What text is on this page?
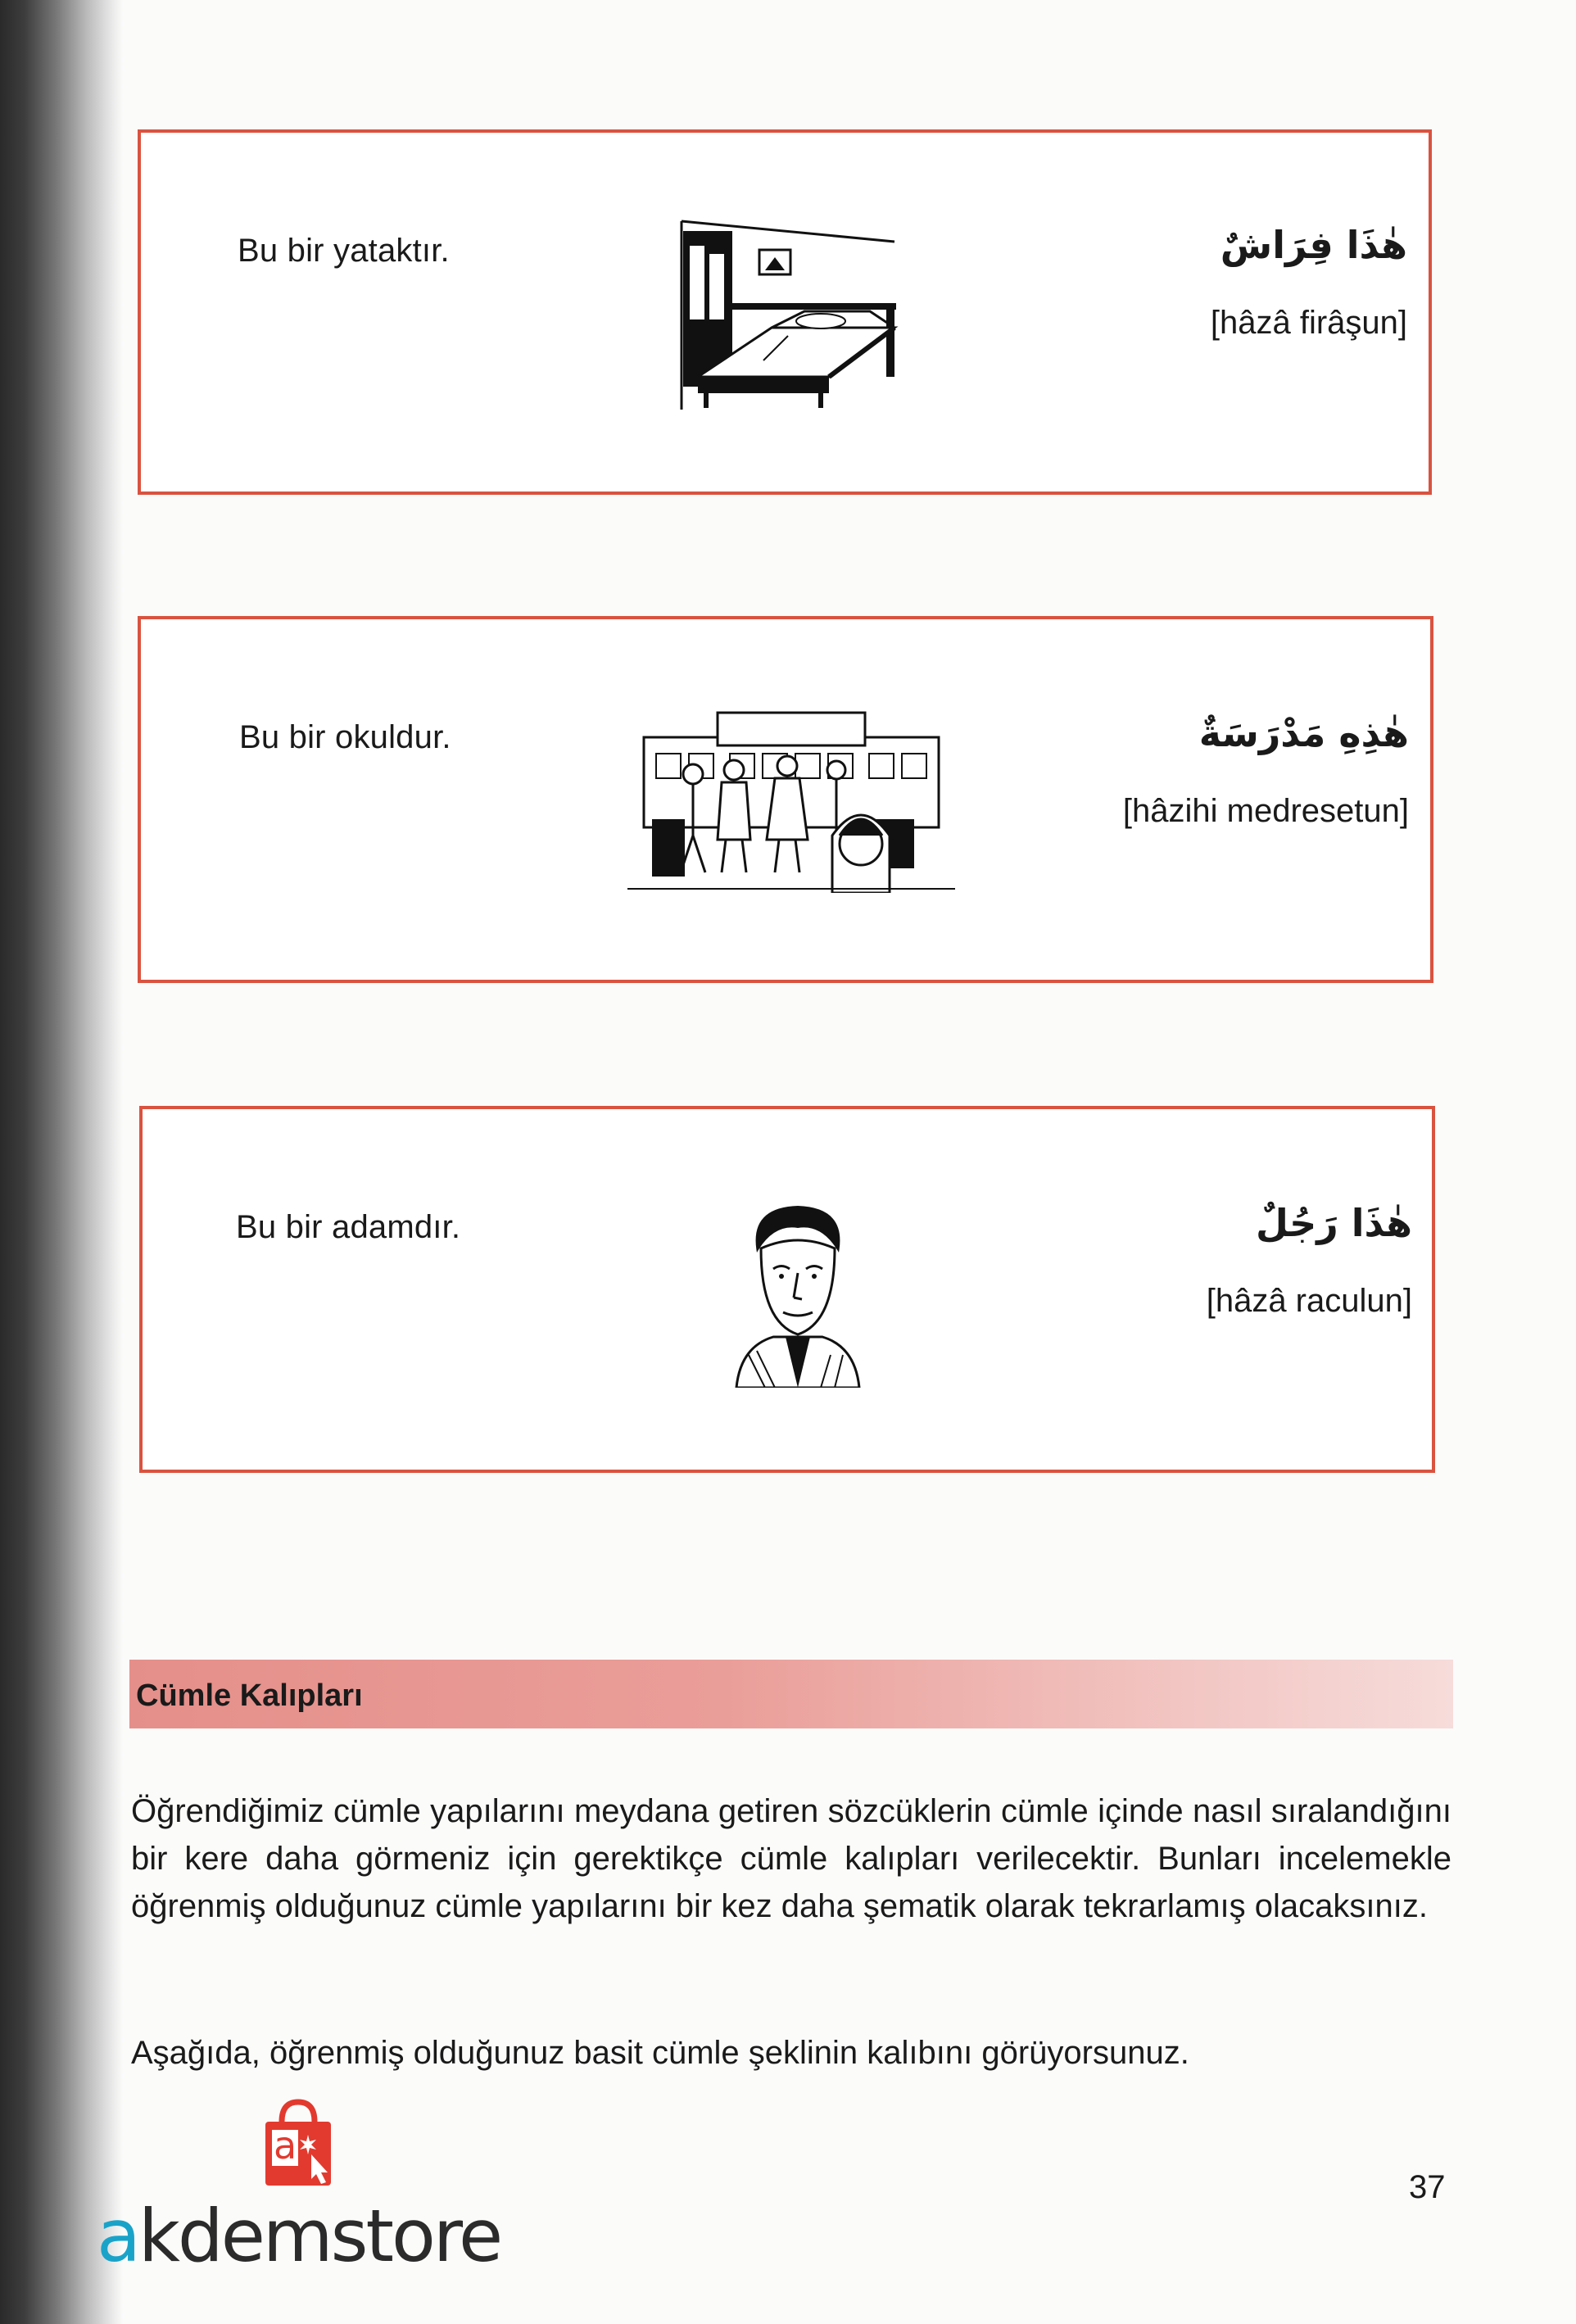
Bu bir yataktır.	هٰذَا فِرَاشٌ
[hâzâ firâşun]
Bu bir okuldur.	هٰذِهِ مَدْرَسَةٌ
[hâzihi medresetun]
Bu bir adamdır.	هٰذَا رَجُلٌ
[hâzâ raculun]
Cümle Kalıpları
Öğrendiğimiz cümle yapılarını meydana getiren sözcüklerin cümle içinde nasıl sıralandığını bir kere daha görmeniz için gerektikçe cümle kalıpları verilecektir. Bunları incelemekle öğrenmiş olduğunuz cümle yapılarını bir kez daha şematik olarak tekrarlamış olacaksınız.
Aşağıda, öğrenmiş olduğunuz basit cümle şeklinin kalıbını görüyorsunuz.
a
akdemstore
37
